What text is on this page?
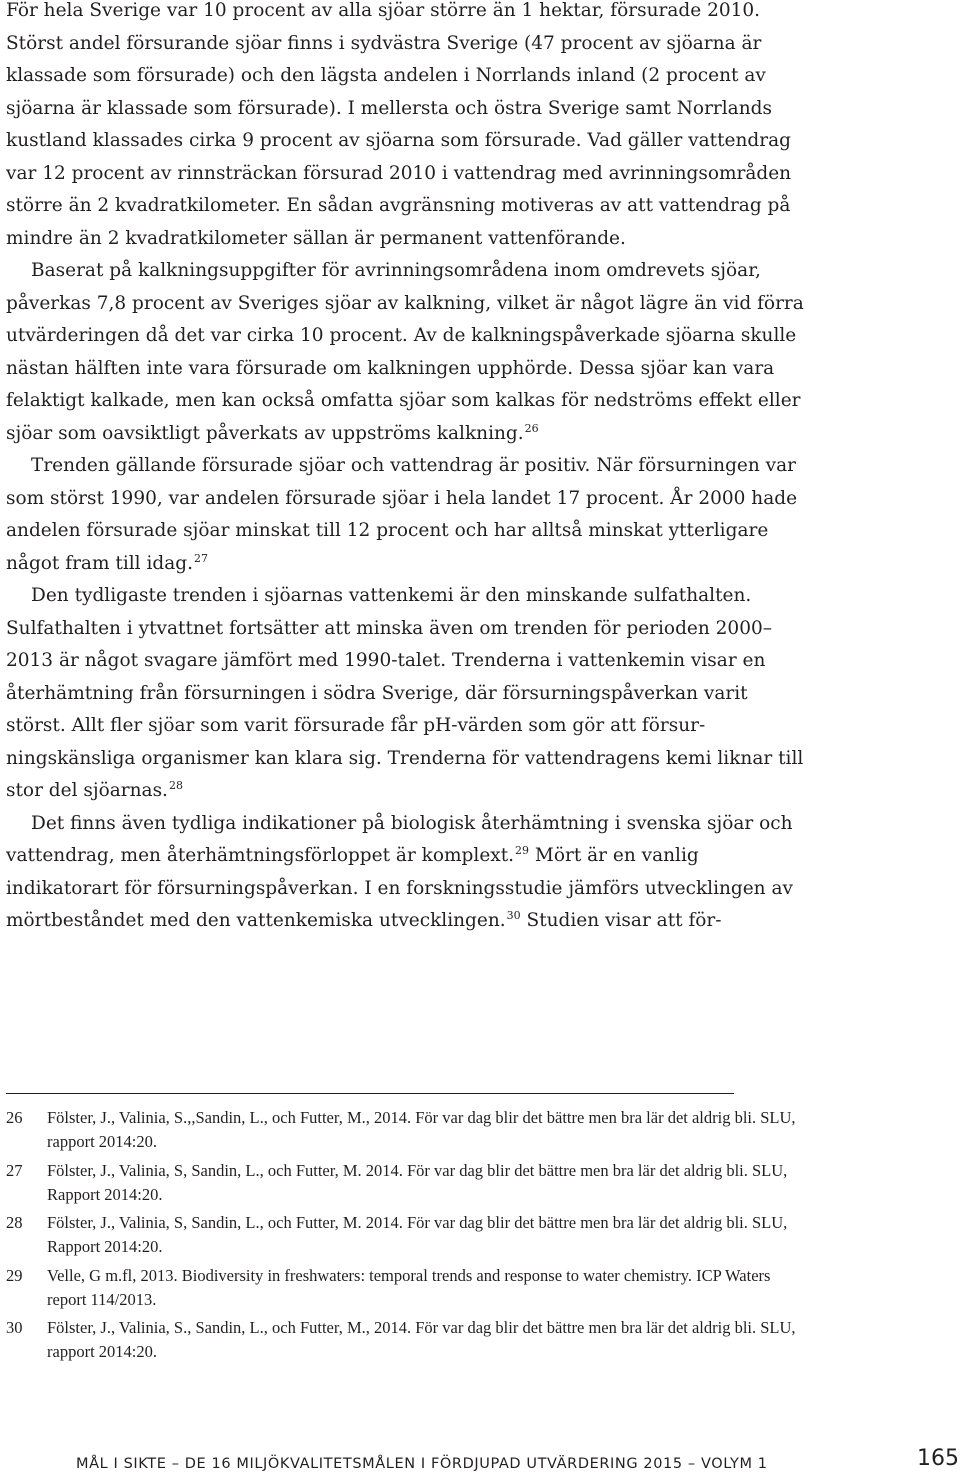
För hela Sverige var 10 procent av alla sjöar större än 1 hektar, försurade 2010. Störst andel försurande sjöar finns i sydvästra Sverige (47 procent av sjöarna är klassade som försurade) och den lägsta andelen i Norrlands inland (2 procent av sjöarna är klassade som försurade). I mellersta och östra Sverige samt Norrlands kustland klassades cirka 9 procent av sjöarna som försurade. Vad gäller vattendrag var 12 procent av rinnsträckan försurad 2010 i vattendrag med avrinningsområden större än 2 kvadratkilometer. En sådan avgränsning motiveras av att vattendrag på mindre än 2 kvadratkilometer sällan är permanent vattenförande.

Baserat på kalkningsuppgifter för avrinningsområdena inom omdrevets sjöar, påverkas 7,8 procent av Sveriges sjöar av kalkning, vilket är något lägre än vid förra utvärderingen då det var cirka 10 procent. Av de kalkningspåverkade sjöarna skulle nästan hälften inte vara försurade om kalkningen upphörde. Dessa sjöar kan vara felaktigt kalkade, men kan också omfatta sjöar som kalkas för nedströms effekt eller sjöar som oavsiktligt påverkats av uppströms kalkning.$^{26}$

Trenden gällande försurade sjöar och vattendrag är positiv. När försurningen var som störst 1990, var andelen försurade sjöar i hela landet 17 procent. År 2000 hade andelen försurade sjöar minskat till 12 procent och har alltså minskat ytterligare något fram till idag.$^{27}$

Den tydligaste trenden i sjöarnas vattenkemi är den minskande sulfathalten. Sulfathalten i ytvattnet fortsätter att minska även om trenden för perioden 2000–2013 är något svagare jämfört med 1990-talet. Trenderna i vattenkemin visar en återhämtning från försurningen i södra Sverige, där försurningspåverkan varit störst. Allt fler sjöar som varit försurade får pH-värden som gör att försurningskänsliga organismer kan klara sig. Trenderna för vattendragens kemi liknar till stor del sjöarnas.$^{28}$

Det finns även tydliga indikationer på biologisk återhämtning i svenska sjöar och vattendrag, men återhämtningsförloppet är komplext.$^{29}$ Mört är en vanlig indikatorart för försurningspåverkan. I en forskningsstudie jämförs utvecklingen av mörtbeståndet med den vattenkemiska utvecklingen.$^{30}$ Studien visar att för-

26 Fölster, J., Valinia, S.,,Sandin, L., och Futter, M., 2014. För var dag blir det bättre men bra lär det aldrig bli. SLU, rapport 2014:20.
27 Fölster, J., Valinia, S, Sandin, L., och Futter, M. 2014. För var dag blir det bättre men bra lär det aldrig bli. SLU, Rapport 2014:20.
28 Fölster, J., Valinia, S, Sandin, L., och Futter, M. 2014. För var dag blir det bättre men bra lär det aldrig bli. SLU, Rapport 2014:20.
29 Velle, G m.fl, 2013. Biodiversity in freshwaters: temporal trends and response to water chemistry. ICP Waters report 114/2013.
30 Fölster, J., Valinia, S., Sandin, L., och Futter, M., 2014. För var dag blir det bättre men bra lär det aldrig bli. SLU, rapport 2014:20.
MÅL I SIKTE – DE 16 MILJÖKVALITETSMÅLEN I FÖRDJUPAD UTVÄRDERING 2015 – VOLYM 1	165
